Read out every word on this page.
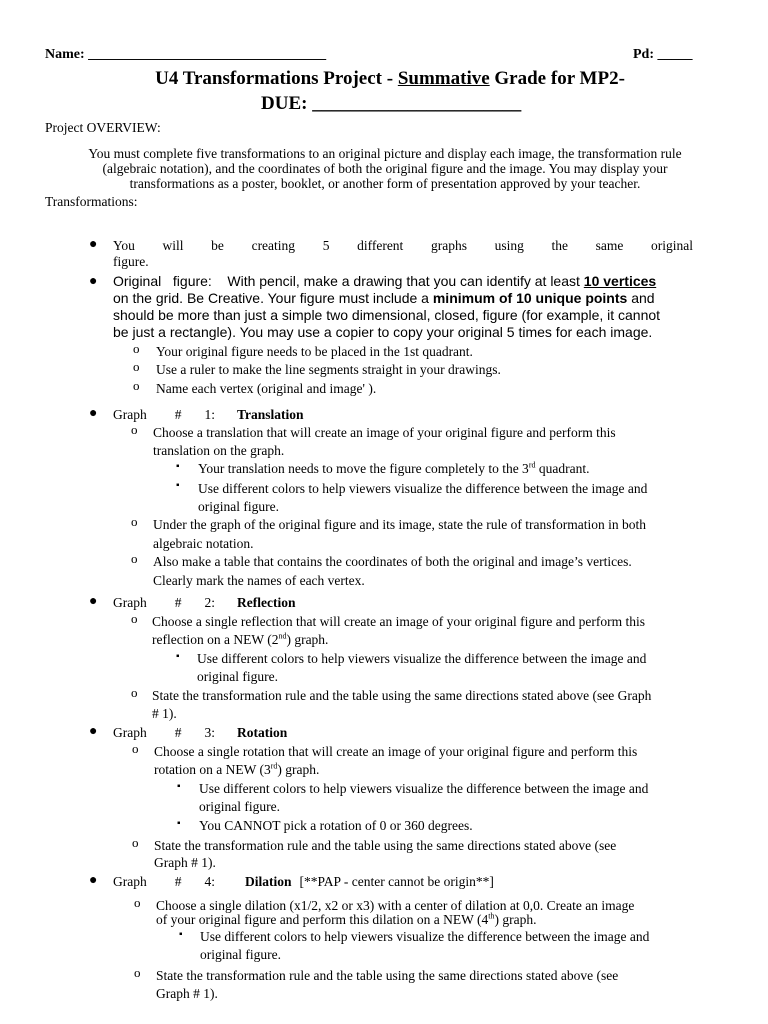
Name: __________________________________	Pd: _____
U4 Transformations Project - Summative Grade for MP2-
DUE: ______________________
Project OVERVIEW:
You must complete five transformations to an original picture and display each image, the transformation rule
(algebraic notation), and the coordinates of both the original figure and the image. You may display your
transformations as a poster, booklet, or another form of presentation approved by your teacher.
Transformations:
● You will be creating 5 different graphs using the same original
figure.
● Original   figure:    With pencil, make a drawing that you can identify at least 10 vertices
on the grid. Be Creative. Your figure must include a minimum of 10 unique points and
should be more than just a simple two dimensional, closed, figure (for example, it cannot
be just a rectangle). You may use a copier to copy your original 5 times for each image.
o Your original figure needs to be placed in the 1st quadrant.
o Use a ruler to make the line segments straight in your drawings.
o Name each vertex (original and image' ).
● Graph # 1: Translation
o Choose a translation that will create an image of your original figure and perform this
translation on the graph.
▪ Your translation needs to move the figure completely to the 3rd quadrant.
▪ Use different colors to help viewers visualize the difference between the image and
original figure.
o Under the graph of the original figure and its image, state the rule of transformation in both
algebraic notation.
o Also make a table that contains the coordinates of both the original and image’s vertices.
Clearly mark the names of each vertex.
● Graph # 2: Reflection
o Choose a single reflection that will create an image of your original figure and perform this
reflection on a NEW (2nd) graph.
▪ Use different colors to help viewers visualize the difference between the image and
original figure.
o State the transformation rule and the table using the same directions stated above (see Graph
# 1).
● Graph # 3: Rotation
o Choose a single rotation that will create an image of your original figure and perform this
rotation on a NEW (3rd) graph.
▪ Use different colors to help viewers visualize the difference between the image and
original figure.
▪ You CANNOT pick a rotation of 0 or 360 degrees.
o State the transformation rule and the table using the same directions stated above (see
Graph # 1).
● Graph # 4: Dilation [**PAP - center cannot be origin**]
o Choose a single dilation (x1/2, x2 or x3) with a center of dilation at 0,0. Create an image
of your original figure and perform this dilation on a NEW (4th) graph.
▪ Use different colors to help viewers visualize the difference between the image and
original figure.
o State the transformation rule and the table using the same directions stated above (see
Graph # 1).
